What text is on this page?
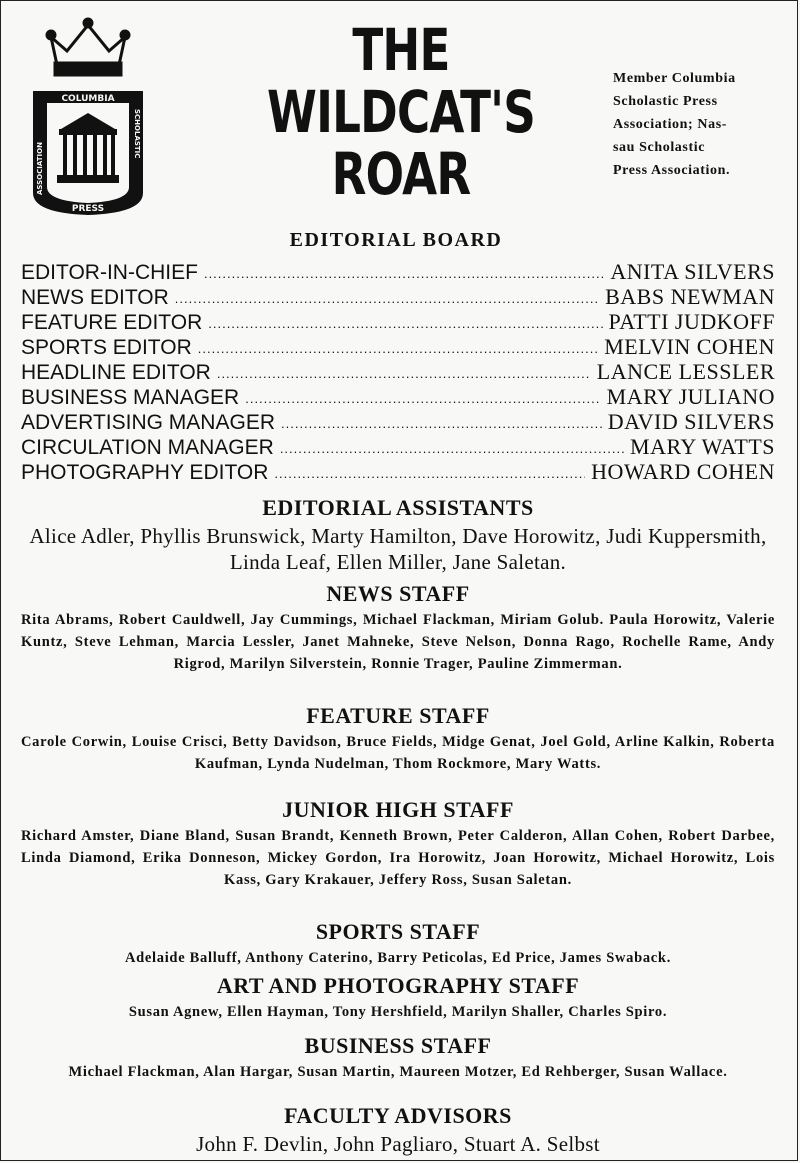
COLUMBIA
PRESS
ASSOCIATION
SCHOLASTIC
THE
WILDCAT'S
ROAR
Member Columbia
Scholastic Press
Association; Nas-
sau Scholastic
Press Association.
EDITORIAL BOARD
EDITOR-IN-CHIEF .....	ANITA SILVERS
NEWS EDITOR .....	BABS NEWMAN
FEATURE EDITOR .....	PATTI JUDKOFF
SPORTS EDITOR .....	MELVIN COHEN
HEADLINE EDITOR .....	LANCE LESSLER
BUSINESS MANAGER .....	MARY JULIANO
ADVERTISING MANAGER .....	DAVID SILVERS
CIRCULATION MANAGER .....	MARY WATTS
PHOTOGRAPHY EDITOR .....	HOWARD COHEN
EDITORIAL ASSISTANTS
Alice Adler, Phyllis Brunswick, Marty Hamilton, Dave Horowitz, Judi Kuppersmith, Linda Leaf, Ellen Miller, Jane Saletan.
NEWS STAFF
Rita Abrams, Robert Cauldwell, Jay Cummings, Michael Flackman, Miriam Golub. Paula Horowitz, Valerie Kuntz, Steve Lehman, Marcia Lessler, Janet Mahneke, Steve Nelson, Donna Rago, Rochelle Rame, Andy Rigrod, Marilyn Silverstein, Ronnie Trager, Pauline Zimmerman.
FEATURE STAFF
Carole Corwin, Louise Crisci, Betty Davidson, Bruce Fields, Midge Genat, Joel Gold, Arline Kalkin, Roberta Kaufman, Lynda Nudelman, Thom Rockmore, Mary Watts.
JUNIOR HIGH STAFF
Richard Amster, Diane Bland, Susan Brandt, Kenneth Brown, Peter Calderon, Allan Cohen, Robert Darbee, Linda Diamond, Erika Donneson, Mickey Gordon, Ira Horowitz, Joan Horowitz, Michael Horowitz, Lois Kass, Gary Krakauer, Jeffery Ross, Susan Saletan.
SPORTS STAFF
Adelaide Balluff, Anthony Caterino, Barry Peticolas, Ed Price, James Swaback.
ART AND PHOTOGRAPHY STAFF
Susan Agnew, Ellen Hayman, Tony Hershfield, Marilyn Shaller, Charles Spiro.
BUSINESS STAFF
Michael Flackman, Alan Hargar, Susan Martin, Maureen Motzer, Ed Rehberger, Susan Wallace.
FACULTY ADVISORS
John F. Devlin, John Pagliaro, Stuart A. Selbst
